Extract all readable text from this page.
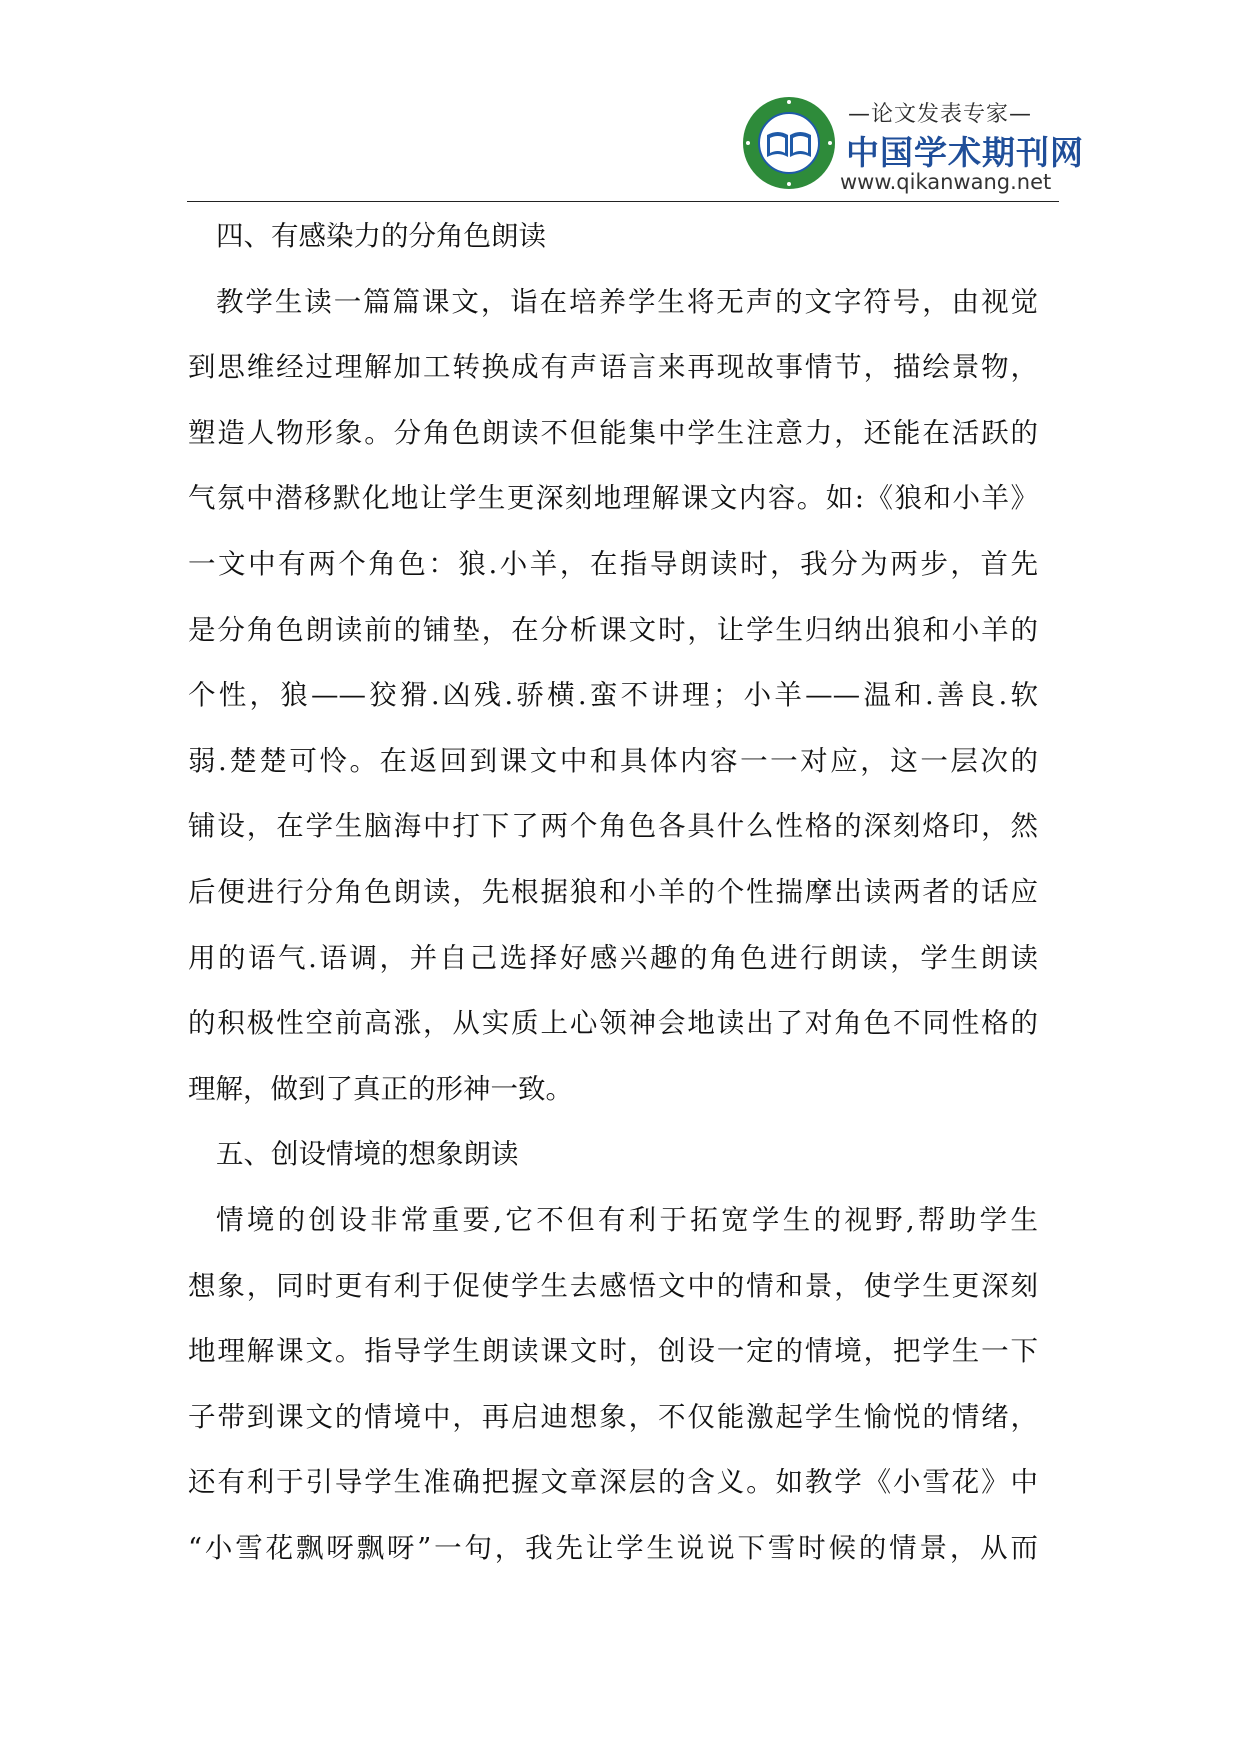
—论文发表专家—
中国学术期刊网
www.qikanwang.net
四、有感染力的分角色朗读
教学生读一篇篇课文，诣在培养学生将无声的文字符号，由视觉
到思维经过理解加工转换成有声语言来再现故事情节，描绘景物，
塑造人物形象。分角色朗读不但能集中学生注意力，还能在活跃的
气氛中潜移默化地让学生更深刻地理解课文内容。如:《狼和小羊》
一文中有两个角色：狼.小羊，在指导朗读时，我分为两步，首先
是分角色朗读前的铺垫，在分析课文时，让学生归纳出狼和小羊的
个性，狼——狡猾.凶残.骄横.蛮不讲理；小羊——温和.善良.软
弱.楚楚可怜。在返回到课文中和具体内容一一对应，这一层次的
铺设，在学生脑海中打下了两个角色各具什么性格的深刻烙印，然
后便进行分角色朗读，先根据狼和小羊的个性揣摩出读两者的话应
用的语气.语调，并自己选择好感兴趣的角色进行朗读，学生朗读
的积极性空前高涨，从实质上心领神会地读出了对角色不同性格的
理解，做到了真正的形神一致。
五、创设情境的想象朗读
情境的创设非常重要,它不但有利于拓宽学生的视野,帮助学生
想象，同时更有利于促使学生去感悟文中的情和景，使学生更深刻
地理解课文。指导学生朗读课文时，创设一定的情境，把学生一下
子带到课文的情境中，再启迪想象，不仅能激起学生愉悦的情绪，
还有利于引导学生准确把握文章深层的含义。如教学《小雪花》中
“小雪花飘呀飘呀”一句，我先让学生说说下雪时候的情景，从而
